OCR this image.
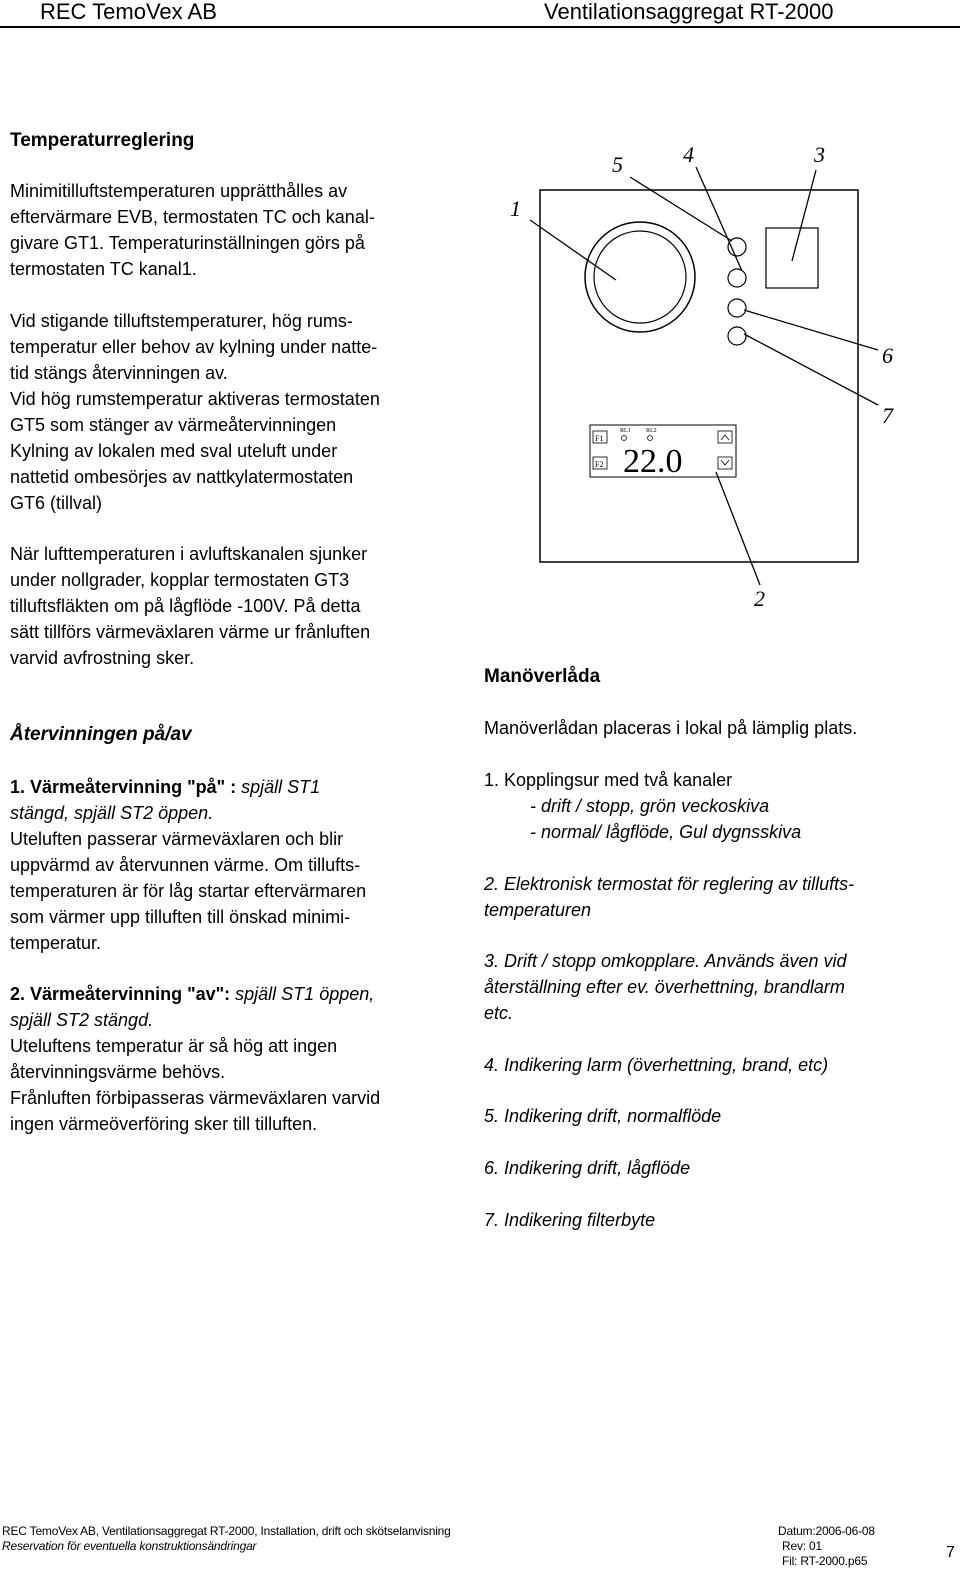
REC TemoVex AB	Ventilationsaggregat RT-2000
Temperaturreglering
Minimitilluftstemperaturen upprätthålles av
eftervärmare EVB, termostaten TC och kanal-
givare GT1. Temperaturinställningen görs på
termostaten TC kanal1.
Vid stigande tilluftstemperaturer, hög rums-
temperatur eller behov av kylning under natte-
tid stängs återvinningen av.
Vid hög rumstemperatur aktiveras termostaten
GT5 som stänger av värmeåtervinningen
Kylning av lokalen med sval uteluft under
nattetid ombesörjes av nattkylatermostaten
GT6 (tillval)
När lufttemperaturen i avluftskanalen sjunker
under nollgrader, kopplar termostaten GT3
tilluftsfläkten om på lågflöde -100V. På detta
sätt tillförs värmeväxlaren värme ur frånluften
varvid avfrostning sker.
Återvinningen på/av
1. Värmeåtervinning "på" : spjäll ST1
stängd, spjäll ST2 öppen.
Uteluften passerar värmeväxlaren och blir
uppvärmd av återvunnen värme. Om tillufts-
temperaturen är för låg startar eftervärmaren
som värmer upp tilluften till önskad minimi-
temperatur.
2. Värmeåtervinning "av": spjäll ST1 öppen,
spjäll ST2 stängd.
Uteluftens temperatur är så hög att ingen
återvinningsvärme behövs.
Frånluften förbipasseras värmeväxlaren varvid
ingen värmeöverföring sker till tilluften.
F1
F2
RL1	RL2
22.0
1
5	4	3
6
7
2
Manöverlåda
Manöverlådan placeras i lokal på lämplig plats.
1. Kopplingsur med två kanaler
- drift / stopp, grön veckoskiva
- normal/ lågflöde, Gul dygnsskiva
2. Elektronisk termostat för reglering av tillufts-
temperaturen
3. Drift / stopp omkopplare. Används även vid
återställning efter ev. överhettning, brandlarm
etc.
4. Indikering larm (överhettning, brand, etc)
5. Indikering drift, normalflöde
6. Indikering drift, lågflöde
7. Indikering filterbyte
REC TemoVex AB, Ventilationsaggregat RT-2000, Installation, drift och skötselanvisning
Reservation för eventuella konstruktionsändringar
Datum:2006-06-08
Rev: 01
Fil: RT-2000.p65	7
